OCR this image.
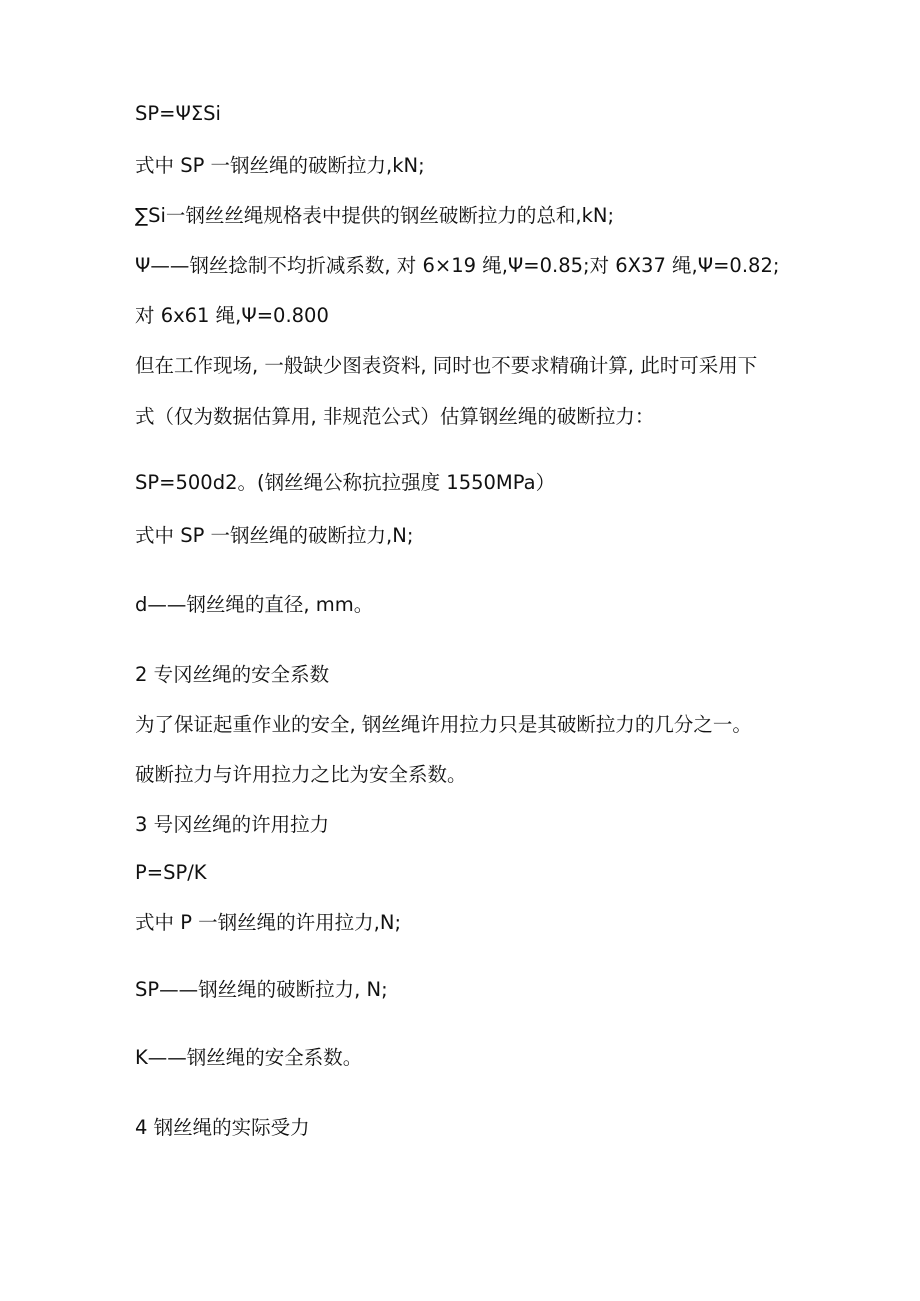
SP=ΨΣSi

式中 SP 一钢丝绳的破断拉力,kN;

∑Si一钢丝丝绳规格表中提供的钢丝破断拉力的总和,kN;

Ψ——钢丝捻制不均折减系数, 对 6×19 绳,Ψ=0.85;对 6X37 绳,Ψ=0.82;

对 6x61 绳,Ψ=0.800

但在工作现场, 一般缺少图表资料, 同时也不要求精确计算, 此时可采用下

式（仅为数据估算用, 非规范公式）估算钢丝绳的破断拉力：

SP=500d2。(钢丝绳公称抗拉强度 1550MPa）

式中 SP 一钢丝绳的破断拉力,N;

d——钢丝绳的直径, mm。

2 专冈丝绳的安全系数

为了保证起重作业的安全, 钢丝绳许用拉力只是其破断拉力的几分之一。

破断拉力与许用拉力之比为安全系数。

3 号冈丝绳的许用拉力

P=SP/K

式中 P 一钢丝绳的许用拉力,N;

SP——钢丝绳的破断拉力, N;

K——钢丝绳的安全系数。

4 钢丝绳的实际受力
